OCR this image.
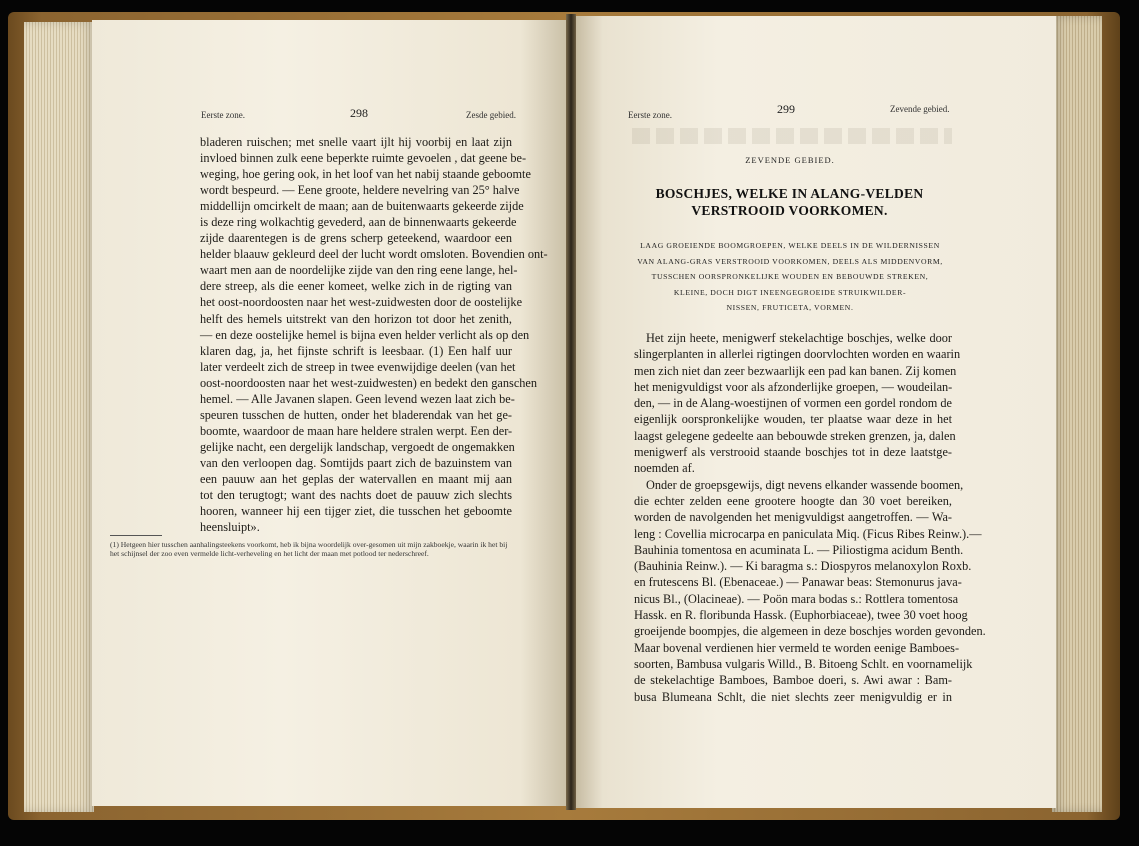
Eerste zone.	298	Zesde gebied.
bladeren ruischen; met snelle vaart ijlt hij voorbij en laat zijn
invloed binnen zulk eene beperkte ruimte gevoelen , dat geene be-
weging, hoe gering ook, in het loof van het nabij staande geboomte
wordt bespeurd. — Eene groote, heldere nevelring van 25° halve
middellijn omcirkelt de maan; aan de buitenwaarts gekeerde zijde
is deze ring wolkachtig gevederd, aan de binnenwaarts gekeerde
zijde daarentegen is de grens scherp geteekend, waardoor een
helder blaauw gekleurd deel der lucht wordt omsloten. Bovendien ont-
waart men aan de noordelijke zijde van den ring eene lange, hel-
dere streep, als die eener komeet, welke zich in de rigting van
het oost-noordoosten naar het west-zuidwesten door de oostelijke
helft des hemels uitstrekt van den horizon tot door het zenith,
— en deze oostelijke hemel is bijna even helder verlicht als op den
klaren dag, ja, het fijnste schrift is leesbaar. (1) Een half uur
later verdeelt zich de streep in twee evenwijdige deelen (van het
oost-noordoosten naar het west-zuidwesten) en bedekt den ganschen
hemel. — Alle Javanen slapen. Geen levend wezen laat zich be-
speuren tusschen de hutten, onder het bladerendak van het ge-
boomte, waardoor de maan hare heldere stralen werpt. Een der-
gelijke nacht, een dergelijk landschap, vergoedt de ongemakken
van den verloopen dag. Somtijds paart zich de bazuinstem van
een pauuw aan het geplas der watervallen en maant mij aan
tot den terugtogt; want des nachts doet de pauuw zich slechts
hooren, wanneer hij een tijger ziet, die tusschen het geboomte
heensluipt».
(1) Hetgeen hier tusschen aanhalingsteekens voorkomt, heb ik bijna woordelijk over-gesomen uit mijn zakboekje, waarin ik het bij het schijnsel der zoo even vermelde licht-verheveling en het licht der maan met potlood ter nederschreef.
Eerste zone.	299	Zevende gebied.
ZEVENDE GEBIED.
BOSCHJES, WELKE IN ALANG-VELDEN
VERSTROOID VOORKOMEN.
LAAG GROEIENDE BOOMGROEPEN, WELKE DEELS IN DE WILDERNISSEN
VAN ALANG-GRAS VERSTROOID VOORKOMEN, DEELS ALS MIDDENVORM,
TUSSCHEN OORSPRONKELIJKE WOUDEN EN BEBOUWDE STREKEN,
KLEINE, DOCH DIGT INEENGEGROEIDE STRUIKWILDER-
NISSEN, FRUTICETA, VORMEN.
Het zijn heete, menigwerf stekelachtige boschjes, welke door
slingerplanten in allerlei rigtingen doorvlochten worden en waarin
men zich niet dan zeer bezwaarlijk een pad kan banen. Zij komen
het menigvuldigst voor als afzonderlijke groepen, — woudeilan-
den, — in de Alang-woestijnen of vormen een gordel rondom de
eigenlijk oorspronkelijke wouden, ter plaatse waar deze in het
laagst gelegene gedeelte aan bebouwde streken grenzen, ja, dalen
menigwerf als verstrooid staande boschjes tot in deze laatstge-
noemden af.
Onder de groepsgewijs, digt nevens elkander wassende boomen,
die echter zelden eene grootere hoogte dan 30 voet bereiken,
worden de navolgenden het menigvuldigst aangetroffen. — Wa-
leng : Covellia microcarpa en paniculata Miq. (Ficus Ribes Reinw.).—
Bauhinia tomentosa en acuminata L. — Piliostigma acidum Benth.
(Bauhinia Reinw.). — Ki baragma s.: Diospyros melanoxylon Roxb.
en frutescens Bl. (Ebenaceae.) — Panawar beas: Stemonurus java-
nicus Bl., (Olacineae). — Poön mara bodas s.: Rottlera tomentosa
Hassk. en R. floribunda Hassk. (Euphorbiaceae), twee 30 voet hoog
groeijende boompjes, die algemeen in deze boschjes worden gevonden.
Maar bovenal verdienen hier vermeld te worden eenige Bamboes-
soorten, Bambusa vulgaris Willd., B. Bitoeng Schlt. en voornamelijk
de stekelachtige Bamboes, Bamboe doeri, s. Awi awar : Bam-
busa Blumeana Schlt, die niet slechts zeer menigvuldig er in
